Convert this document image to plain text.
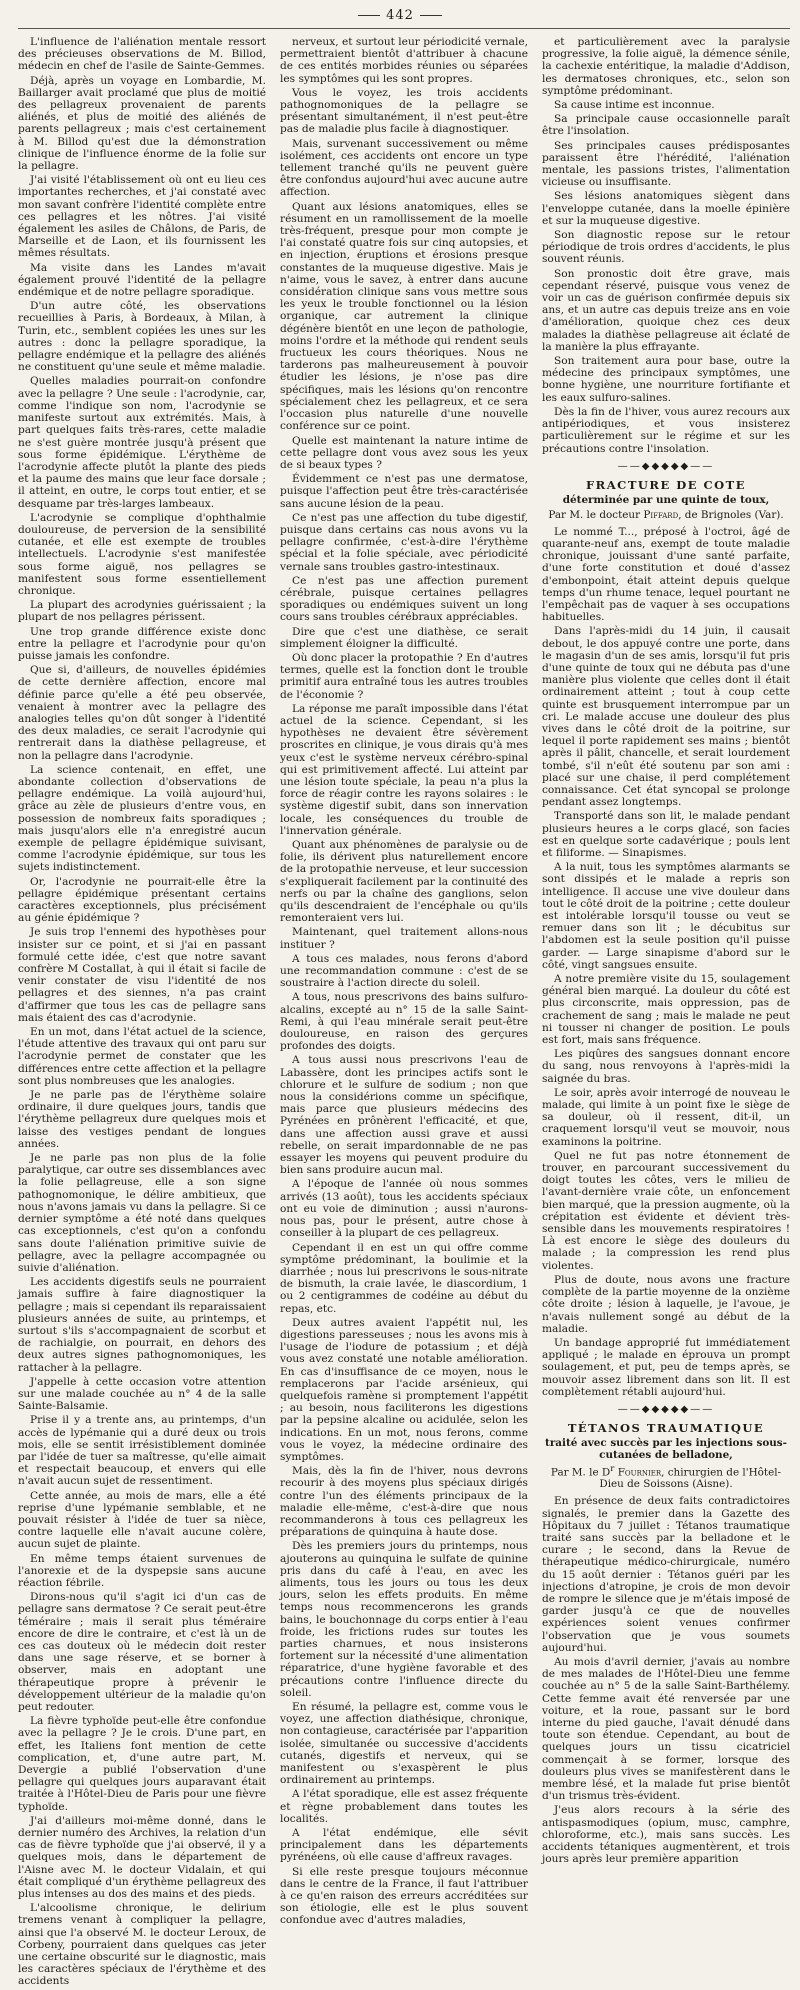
442

L'influence de l'aliénation mentale ressort des précieuses observations de M. Billod, médecin en chef de l'asile de Sainte-Gemmes.

Déjà, après un voyage en Lombardie, M. Baillarger avait proclamé que plus de moitié des pellagreux provenaient de parents aliénés, et plus de moitié des aliénés de parents pellagreux ; mais c'est certainement à M. Billod qu'est due la démonstration clinique de l'influence énorme de la folie sur la pellagre.

J'ai visité l'établissement où ont eu lieu ces importantes recherches, et j'ai constaté avec mon savant confrère l'identité complète entre ces pellagres et les nôtres. J'ai visité également les asiles de Châlons, de Paris, de Marseille et de Laon, et ils fournissent les mêmes résultats.

Ma visite dans les Landes m'avait également prouvé l'identité de la pellagre endémique et de notre pellagre sporadique.

D'un autre côté, les observations recueillies à Paris, à Bordeaux, à Milan, à Turin, etc., semblent copiées les unes sur les autres : donc la pellagre sporadique, la pellagre endémique et la pellagre des aliénés ne constituent qu'une seule et même maladie.

Quelles maladies pourrait-on confondre avec la pellagre ? Une seule : l'acrodynie, car, comme l'indique son nom, l'acrodynie se manifeste surtout aux extrémités. Mais, à part quelques faits très-rares, cette maladie ne s'est guère montrée jusqu'à présent que sous forme épidémique. L'érythème de l'acrodynie affecte plutôt la plante des pieds et la paume des mains que leur face dorsale ; il atteint, en outre, le corps tout entier, et se desquame par très-larges lambeaux.

L'acrodynie se complique d'ophthalmie douloureuse, de perversion de la sensibilité cutanée, et elle est exempte de troubles intellectuels. L'acrodynie s'est manifestée sous forme aiguë, nos pellagres se manifestent sous forme essentiellement chronique.

La plupart des acrodynies guérissaient ; la plupart de nos pellagres périssent.

Une trop grande différence existe donc entre la pellagre et l'acrodynie pour qu'on puisse jamais les confondre.

Que si, d'ailleurs, de nouvelles épidémies de cette dernière affection, encore mal définie parce qu'elle a été peu observée, venaient à montrer avec la pellagre des analogies telles qu'on dût songer à l'identité des deux maladies, ce serait l'acrodynie qui rentrerait dans la diathèse pellagreuse, et non la pellagre dans l'acrodynie.

La science contenait, en effet, une abondante collection d'observations de pellagre endémique. La voilà aujourd'hui, grâce au zèle de plusieurs d'entre vous, en possession de nombreux faits sporadiques ; mais jusqu'alors elle n'a enregistré aucun exemple de pellagre épidémique suivisant, comme l'acrodynie épidémique, sur tous les sujets indistinctement.

Or, l'acrodynie ne pourrait-elle être la pellagre épidémique présentant certains caractères exceptionnels, plus précisément au génie épidémique ?

Je suis trop l'ennemi des hypothèses pour insister sur ce point, et si j'ai en passant formulé cette idée, c'est que notre savant confrère M Costallat, à qui il était si facile de venir constater de visu l'identité de nos pellagres et des siennes, n'a pas craint d'affirmer que tous les cas de pellagre sans mais étaient des cas d'acrodynie.

En un mot, dans l'état actuel de la science, l'étude attentive des travaux qui ont paru sur l'acrodynie permet de constater que les différences entre cette affection et la pellagre sont plus nombreuses que les analogies.

Je ne parle pas de l'érythème solaire ordinaire, il dure quelques jours, tandis que l'érythème pellagreux dure quelques mois et laisse des vestiges pendant de longues années.

Je ne parle pas non plus de la folie paralytique, car outre ses dissemblances avec la folie pellagreuse, elle a son signe pathognomonique, le délire ambitieux, que nous n'avons jamais vu dans la pellagre. Si ce dernier symptôme a été noté dans quelques cas exceptionnels, c'est qu'on a confondu sans doute l'aliénation primitive suivie de pellagre, avec la pellagre accompagnée ou suivie d'aliénation.

Les accidents digestifs seuls ne pourraient jamais suffire à faire diagnostiquer la pellagre ; mais si cependant ils reparaissaient plusieurs années de suite, au printemps, et surtout s'ils s'accompagnaient de scorbut et de rachialgie, on pourrait, en dehors des deux autres signes pathognomoniques, les rattacher à la pellagre.

J'appelle à cette occasion votre attention sur une malade couchée au n° 4 de la salle Sainte-Balsamie.

Prise il y a trente ans, au printemps, d'un accès de lypémanie qui a duré deux ou trois mois, elle se sentit irrésistiblement dominée par l'idée de tuer sa maîtresse, qu'elle aimait et respectait beaucoup, et envers qui elle n'avait aucun sujet de ressentiment.

Cette année, au mois de mars, elle a été reprise d'une lypémanie semblable, et ne pouvait résister à l'idée de tuer sa nièce, contre laquelle elle n'avait aucune colère, aucun sujet de plainte.

En même temps étaient survenues de l'anorexie et de la dyspepsie sans aucune réaction fébrile.

Dirons-nous qu'il s'agit ici d'un cas de pellagre sans dermatose ? Ce serait peut-être téméraire ; mais il serait plus téméraire encore de dire le contraire, et c'est là un de ces cas douteux où le médecin doit rester dans une sage réserve, et se borner à observer, mais en adoptant une thérapeutique propre à prévenir le développement ultérieur de la maladie qu'on peut redouter.

La fièvre typhoïde peut-elle être confondue avec la pellagre ? Je le crois. D'une part, en effet, les Italiens font mention de cette complication, et, d'une autre part, M. Devergie a publié l'observation d'une pellagre qui quelques jours auparavant était traitée à l'Hôtel-Dieu de Paris pour une fièvre typhoïde.

J'ai d'ailleurs moi-même donné, dans le dernier numéro des Archives, la relation d'un cas de fièvre typhoïde que j'ai observé, il y a quelques mois, dans le département de l'Aisne avec M. le docteur Vidalain, et qui était compliqué d'un érythème pellagreux des plus intenses au dos des mains et des pieds.

L'alcoolisme chronique, le delirium tremens venant à compliquer la pellagre, ainsi que l'a observé M. le docteur Leroux, de Corbeny, pourraient dans quelques cas jeter une certaine obscurité sur le diagnostic, mais les caractères spéciaux de l'érythème et des accidents

nerveux, et surtout leur périodicité vernale, permettraient bientôt d'attribuer à chacune de ces entités morbides réunies ou séparées les symptômes qui les sont propres.

Vous le voyez, les trois accidents pathognomoniques de la pellagre se présentant simultanément, il n'est peut-être pas de maladie plus facile à diagnostiquer.

Mais, survenant successivement ou même isolément, ces accidents ont encore un type tellement tranché qu'ils ne peuvent guère être confondus aujourd'hui avec aucune autre affection.

Quant aux lésions anatomiques, elles se résument en un ramollissement de la moelle très-fréquent, presque pour mon compte je l'ai constaté quatre fois sur cinq autopsies, et en injection, éruptions et érosions presque constantes de la muqueuse digestive. Mais je n'aime, vous le savez, à entrer dans aucune considération clinique sans vous mettre sous les yeux le trouble fonctionnel ou la lésion organique, car autrement la clinique dégénère bientôt en une leçon de pathologie, moins l'ordre et la méthode qui rendent seuls fructueux les cours théoriques. Nous ne tarderons pas malheureusement à pouvoir étudier les lésions, je n'ose pas dire spécifiques, mais les lésions qu'on rencontre spécialement chez les pellagreux, et ce sera l'occasion plus naturelle d'une nouvelle conférence sur ce point.

Quelle est maintenant la nature intime de cette pellagre dont vous avez sous les yeux de si beaux types ?

Évidemment ce n'est pas une dermatose, puisque l'affection peut être très-caractérisée sans aucune lésion de la peau.

Ce n'est pas une affection du tube digestif, puisque dans certains cas nous avons vu la pellagre confirmée, c'est-à-dire l'érythème spécial et la folie spéciale, avec périodicité vernale sans troubles gastro-intestinaux.

Ce n'est pas une affection purement cérébrale, puisque certaines pellagres sporadiques ou endémiques suivent un long cours sans troubles cérébraux appréciables.

Dire que c'est une diathèse, ce serait simplement éloigner la difficulté.

Où donc placer la protopathie ? En d'autres termes, quelle est la fonction dont le trouble primitif aura entraîné tous les autres troubles de l'économie ?

La réponse me paraît impossible dans l'état actuel de la science. Cependant, si les hypothèses ne devaient être sévèrement proscrites en clinique, je vous dirais qu'à mes yeux c'est le système nerveux cérébro-spinal qui est primitivement affecté. Lui atteint par une lésion toute spéciale, la peau n'a plus la force de réagir contre les rayons solaires : le système digestif subit, dans son innervation locale, les conséquences du trouble de l'innervation générale.

Quant aux phénomènes de paralysie ou de folie, ils dérivent plus naturellement encore de la protopathie nerveuse, et leur succession s'expliquerait facilement par la continuité des nerfs ou par la chaîne des ganglions, selon qu'ils descendraient de l'encéphale ou qu'ils remonteraient vers lui.

Maintenant, quel traitement allons-nous instituer ?

A tous ces malades, nous ferons d'abord une recommandation commune : c'est de se soustraire à l'action directe du soleil.

A tous, nous prescrivons des bains sulfuro-alcalins, excepté au n° 15 de la salle Saint-Remi, à qui l'eau minérale serait peut-être douloureuse, en raison des gerçures profondes des doigts.

A tous aussi nous prescrivons l'eau de Labassère, dont les principes actifs sont le chlorure et le sulfure de sodium ; non que nous la considérions comme un spécifique, mais parce que plusieurs médecins des Pyrénées en prônèrent l'efficacité, et que, dans une affection aussi grave et aussi rebelle, on serait impardonnable de ne pas essayer les moyens qui peuvent produire du bien sans produire aucun mal.

A l'époque de l'année où nous sommes arrivés (13 août), tous les accidents spéciaux ont eu voie de diminution ; aussi n'aurons-nous pas, pour le présent, autre chose à conseiller à la plupart de ces pellagreux.

Cependant il en est un qui offre comme symptôme prédominant, la boulimie et la diarrhée ; nous lui prescrivons le sous-nitrate de bismuth, la craie lavée, le diascordium, 1 ou 2 centigrammes de codéine au début du repas, etc.

Deux autres avaient l'appétit nul, les digestions paresseuses ; nous les avons mis à l'usage de l'iodure de potassium ; et déjà vous avez constaté une notable amélioration. En cas d'insuffisance de ce moyen, nous le remplacerons par l'acide arsénieux, qui quelquefois ramène si promptement l'appétit ; au besoin, nous faciliterons les digestions par la pepsine alcaline ou acidulée, selon les indications. En un mot, nous ferons, comme vous le voyez, la médecine ordinaire des symptômes.

Mais, dès la fin de l'hiver, nous devrons recourir à des moyens plus spéciaux dirigés contre l'un des éléments principaux de la maladie elle-même, c'est-à-dire que nous recommanderons à tous ces pellagreux les préparations de quinquina à haute dose.

Dès les premiers jours du printemps, nous ajouterons au quinquina le sulfate de quinine pris dans du café à l'eau, en avec les aliments, tous les jours ou tous les deux jours, selon les effets produits. En même temps nous recommencerons les grands bains, le bouchonnage du corps entier à l'eau froide, les frictions rudes sur toutes les parties charnues, et nous insisterons fortement sur la nécessité d'une alimentation réparatrice, d'une hygiène favorable et des précautions contre l'influence directe du soleil.

En résumé, la pellagre est, comme vous le voyez, une affection diathésique, chronique, non contagieuse, caractérisée par l'apparition isolée, simultanée ou successive d'accidents cutanés, digestifs et nerveux, qui se manifestent ou s'exaspèrent le plus ordinairement au printemps.

A l'état sporadique, elle est assez fréquente et règne probablement dans toutes les localités.

A l'état endémique, elle sévit principalement dans les départements pyrénéens, où elle cause d'affreux ravages.

Si elle reste presque toujours méconnue dans le centre de la France, il faut l'attribuer à ce qu'en raison des erreurs accréditées sur son étiologie, elle est le plus souvent confondue avec d'autres maladies,

et particulièrement avec la paralysie progressive, la folie aiguë, la démence sénile, la cachexie entéritique, la maladie d'Addison, les dermatoses chroniques, etc., selon son symptôme prédominant.

Sa cause intime est inconnue.

Sa principale cause occasionnelle paraît être l'insolation.

Ses principales causes prédisposantes paraissent être l'hérédité, l'aliénation mentale, les passions tristes, l'alimentation vicieuse ou insuffisante.

Ses lésions anatomiques siègent dans l'enveloppe cutanée, dans la moelle épinière et sur la muqueuse digestive.

Son diagnostic repose sur le retour périodique de trois ordres d'accidents, le plus souvent réunis.

Son pronostic doit être grave, mais cependant réservé, puisque vous venez de voir un cas de guérison confirmée depuis six ans, et un autre cas depuis treize ans en voie d'amélioration, quoique chez ces deux malades la diathèse pellagreuse ait éclaté de la manière la plus effrayante.

Son traitement aura pour base, outre la médecine des principaux symptômes, une bonne hygiène, une nourriture fortifiante et les eaux sulfuro-salines.

Dès la fin de l'hiver, vous aurez recours aux antipériodiques, et vous insisterez particulièrement sur le régime et sur les précautions contre l'insolation.

——◆◆◆◆◆——
FRACTURE DE COTE
déterminée par une quinte de toux,
Par M. le docteur Piffard, de Brignoles (Var).

Le nommé T..., préposé à l'octroi, âgé de quarante-neuf ans, exempt de toute maladie chronique, jouissant d'une santé parfaite, d'une forte constitution et doué d'assez d'embonpoint, était atteint depuis quelque temps d'un rhume tenace, lequel pourtant ne l'empêchait pas de vaquer à ses occupations habituelles.

Dans l'après-midi du 14 juin, il causait debout, le dos appuyé contre une porte, dans le magasin d'un de ses amis, lorsqu'il fut pris d'une quinte de toux qui ne débuta pas d'une manière plus violente que celles dont il était ordinairement atteint ; tout à coup cette quinte est brusquement interrompue par un cri. Le malade accuse une douleur des plus vives dans le côté droit de la poitrine, sur lequel il porte rapidement ses mains ; bientôt après il pâlit, chancelle, et serait lourdement tombé, s'il n'eût été soutenu par son ami : placé sur une chaise, il perd complétement connaissance. Cet état syncopal se prolonge pendant assez longtemps.

Transporté dans son lit, le malade pendant plusieurs heures a le corps glacé, son facies est en quelque sorte cadavérique ; pouls lent et filiforme. — Sinapismes.

A la nuit, tous les symptômes alarmants se sont dissipés et le malade a repris son intelligence. Il accuse une vive douleur dans tout le côté droit de la poitrine ; cette douleur est intolérable lorsqu'il tousse ou veut se remuer dans son lit ; le décubitus sur l'abdomen est la seule position qu'il puisse garder. — Large sinapisme d'abord sur le côté, vingt sangsues ensuite.

A notre première visite du 15, soulagement général bien marqué. La douleur du côté est plus circonscrite, mais oppression, pas de crachement de sang ; mais le malade ne peut ni tousser ni changer de position. Le pouls est fort, mais sans fréquence.

Les piqûres des sangsues donnant encore du sang, nous renvoyons à l'après-midi la saignée du bras.

Le soir, après avoir interrogé de nouveau le malade, qui limite à un point fixe le siège de sa douleur, où il ressent, dit-il, un craquement lorsqu'il veut se mouvoir, nous examinons la poitrine.

Quel ne fut pas notre étonnement de trouver, en parcourant successivement du doigt toutes les côtes, vers le milieu de l'avant-dernière vraie côte, un enfoncement bien marqué, que la pression augmente, où la crépitation est évidente et dévient très-sensible dans les mouvements respiratoires ! Là est encore le siège des douleurs du malade ; la compression les rend plus violentes.

Plus de doute, nous avons une fracture complète de la partie moyenne de la onzième côte droite ; lésion à laquelle, je l'avoue, je n'avais nullement songé au début de la maladie.

Un bandage approprié fut immédiatement appliqué ; le malade en éprouva un prompt soulagement, et put, peu de temps après, se mouvoir assez librement dans son lit. Il est complètement rétabli aujourd'hui.

——◆◆◆◆◆——
TÉTANOS TRAUMATIQUE
traité avec succès par les injections sous-cutanées de belladone,
Par M. le $D^r$ Fournier, chirurgien de l'Hôtel-Dieu de Soissons (Aisne).

En présence de deux faits contradictoires signalés, le premier dans la Gazette des Hôpitaux du 7 juillet : Tétanos traumatique traité sans succès par la belladone et le curare ; le second, dans la Revue de thérapeutique médico-chirurgicale, numéro du 15 août dernier : Tétanos guéri par les injections d'atropine, je crois de mon devoir de rompre le silence que je m'étais imposé de garder jusqu'à ce que de nouvelles expériences soient venues confirmer l'observation que je vous soumets aujourd'hui.

Au mois d'avril dernier, j'avais au nombre de mes malades de l'Hôtel-Dieu une femme couchée au n° 5 de la salle Saint-Barthélemy. Cette femme avait été renversée par une voiture, et la roue, passant sur le bord interne du pied gauche, l'avait dénudé dans toute son étendue. Cependant, au bout de quelques jours un tissu cicatriciel commençait à se former, lorsque des douleurs plus vives se manifestèrent dans le membre lésé, et la malade fut prise bientôt d'un trismus très-évident.

J'eus alors recours à la série des antispasmodiques (opium, musc, camphre, chloroforme, etc.), mais sans succès. Les accidents tétaniques augmentèrent, et trois jours après leur première apparition
